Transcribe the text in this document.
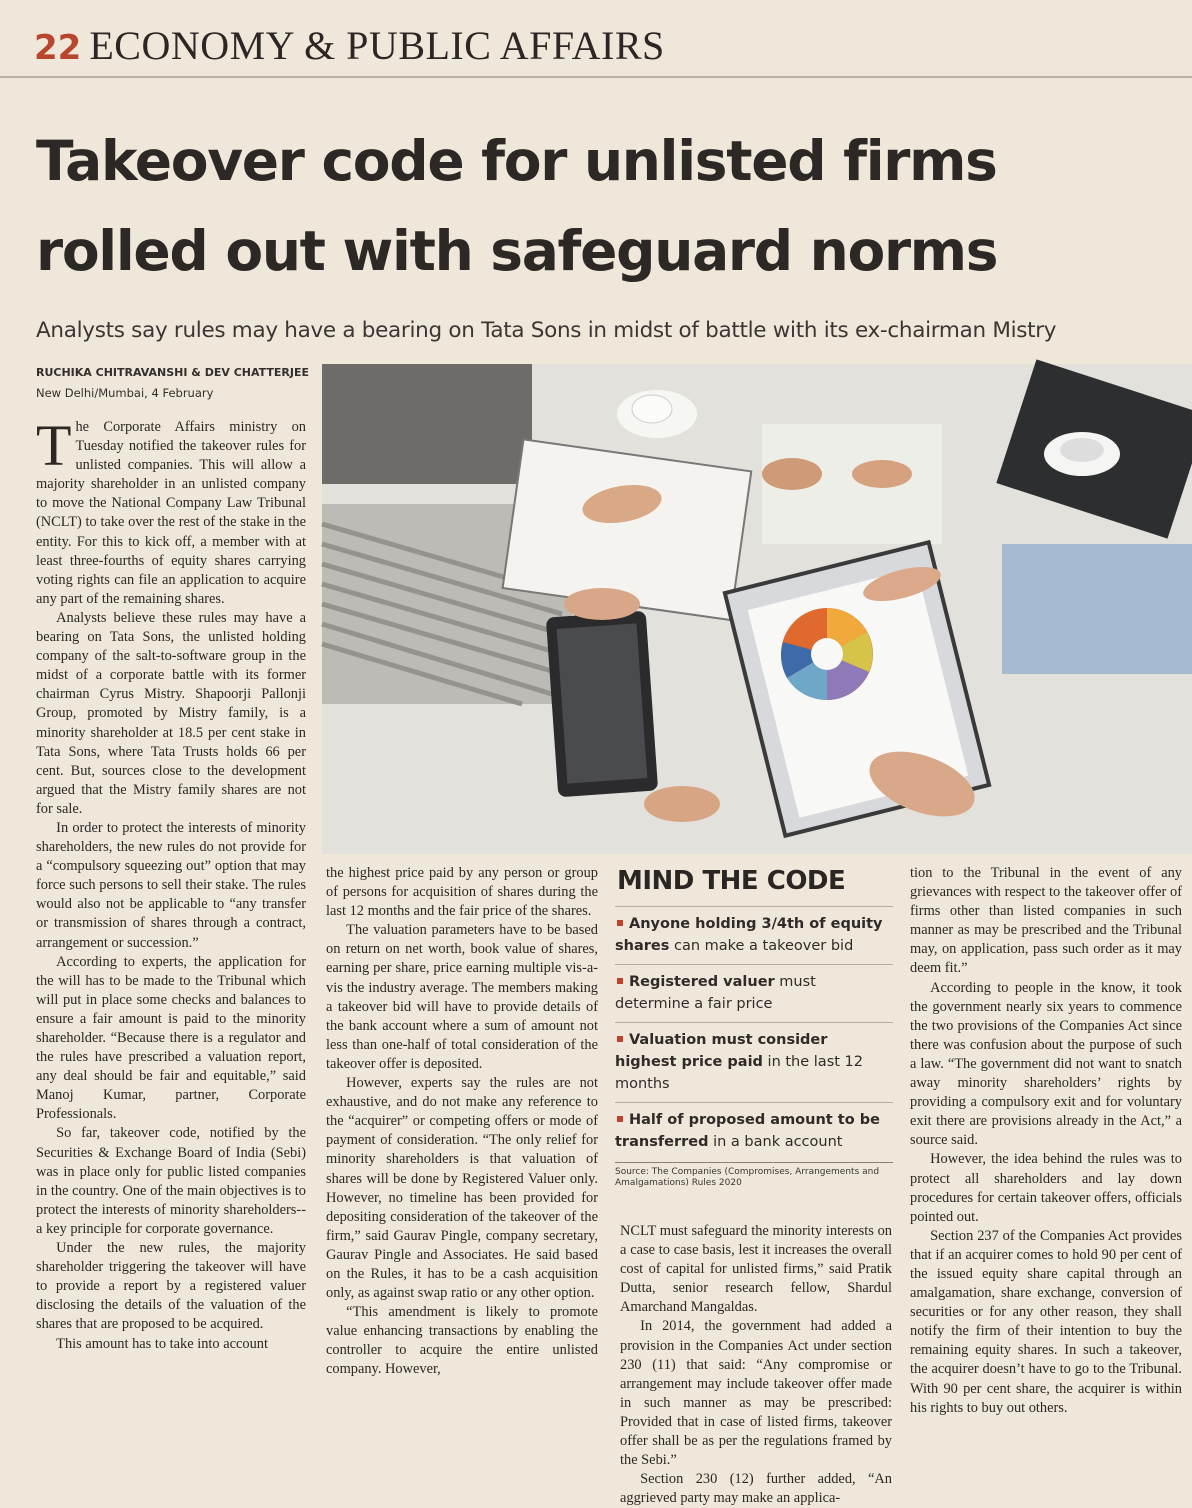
22 ECONOMY & PUBLIC AFFAIRS
Takeover code for unlisted firms
rolled out with safeguard norms
Analysts say rules may have a bearing on Tata Sons in midst of battle with its ex-chairman Mistry
RUCHIKA CHITRAVANSHI & DEV CHATTERJEE
New Delhi/Mumbai, 4 February

The Corporate Affairs ministry on Tuesday notified the takeover rules for unlisted companies. This will allow a majority shareholder in an unlisted company to move the National Company Law Tribunal (NCLT) to take over the rest of the stake in the entity. For this to kick off, a member with at least three-fourths of equity shares carrying voting rights can file an application to acquire any part of the remaining shares.

Analysts believe these rules may have a bearing on Tata Sons, the unlisted holding company of the salt-to-software group in the midst of a corporate battle with its former chairman Cyrus Mistry. Shapoorji Pallonji Group, promoted by Mistry family, is a minority shareholder at 18.5 per cent stake in Tata Sons, where Tata Trusts holds 66 per cent. But, sources close to the development argued that the Mistry family shares are not for sale.

In order to protect the interests of minority shareholders, the new rules do not provide for a “compulsory squeezing out” option that may force such persons to sell their stake. The rules would also not be applicable to “any transfer or transmission of shares through a contract, arrangement or succession.”

According to experts, the application for the will has to be made to the Tribunal which will put in place some checks and balances to ensure a fair amount is paid to the minority shareholder. “Because there is a regulator and the rules have prescribed a valuation report, any deal should be fair and equitable,” said Manoj Kumar, partner, Corporate Professionals.

So far, takeover code, notified by the Securities & Exchange Board of India (Sebi) was in place only for public listed companies in the country. One of the main objectives is to protect the interests of minority shareholders--a key principle for corporate governance.

Under the new rules, the majority shareholder triggering the takeover will have to provide a report by a registered valuer disclosing the details of the valuation of the shares that are proposed to be acquired.

This amount has to take into account

the highest price paid by any person or group of persons for acquisition of shares during the last 12 months and the fair price of the shares.

The valuation parameters have to be based on return on net worth, book value of shares, earning per share, price earning multiple vis-a-vis the industry average. The members making a takeover bid will have to provide details of the bank account where a sum of amount not less than one-half of total consideration of the takeover offer is deposited.

However, experts say the rules are not exhaustive, and do not make any reference to the “acquirer” or competing offers or mode of payment of consideration. “The only relief for minority shareholders is that valuation of shares will be done by Registered Valuer only. However, no timeline has been provided for depositing consideration of the takeover of the firm,” said Gaurav Pingle, company secretary, Gaurav Pingle and Associates. He said based on the Rules, it has to be a cash acquisition only, as against swap ratio or any other option.

“This amendment is likely to promote value enhancing transactions by enabling the controller to acquire the entire unlisted company. However,

MIND THE CODE
Anyone holding 3/4th of equity shares can make a takeover bid
Registered valuer must determine a fair price
Valuation must consider highest price paid in the last 12 months
Half of proposed amount to be transferred in a bank account
Source: The Companies (Compromises, Arrangements and Amalgamations) Rules 2020

NCLT must safeguard the minority interests on a case to case basis, lest it increases the overall cost of capital for unlisted firms,” said Pratik Dutta, senior research fellow, Shardul Amarchand Mangaldas.

In 2014, the government had added a provision in the Companies Act under section 230 (11) that said: “Any compromise or arrangement may include takeover offer made in such manner as may be prescribed: Provided that in case of listed firms, takeover offer shall be as per the regulations framed by the Sebi.”

Section 230 (12) further added, “An aggrieved party may make an applica-

tion to the Tribunal in the event of any grievances with respect to the takeover offer of firms other than listed companies in such manner as may be prescribed and the Tribunal may, on application, pass such order as it may deem fit.”

According to people in the know, it took the government nearly six years to commence the two provisions of the Companies Act since there was confusion about the purpose of such a law. “The government did not want to snatch away minority shareholders’ rights by providing a compulsory exit and for voluntary exit there are provisions already in the Act,” a source said.

However, the idea behind the rules was to protect all shareholders and lay down procedures for certain takeover offers, officials pointed out.

Section 237 of the Companies Act provides that if an acquirer comes to hold 90 per cent of the issued equity share capital through an amalgamation, share exchange, conversion of securities or for any other reason, they shall notify the firm of their intention to buy the remaining equity shares. In such a takeover, the acquirer doesn’t have to go to the Tribunal. With 90 per cent share, the acquirer is within his rights to buy out others.
